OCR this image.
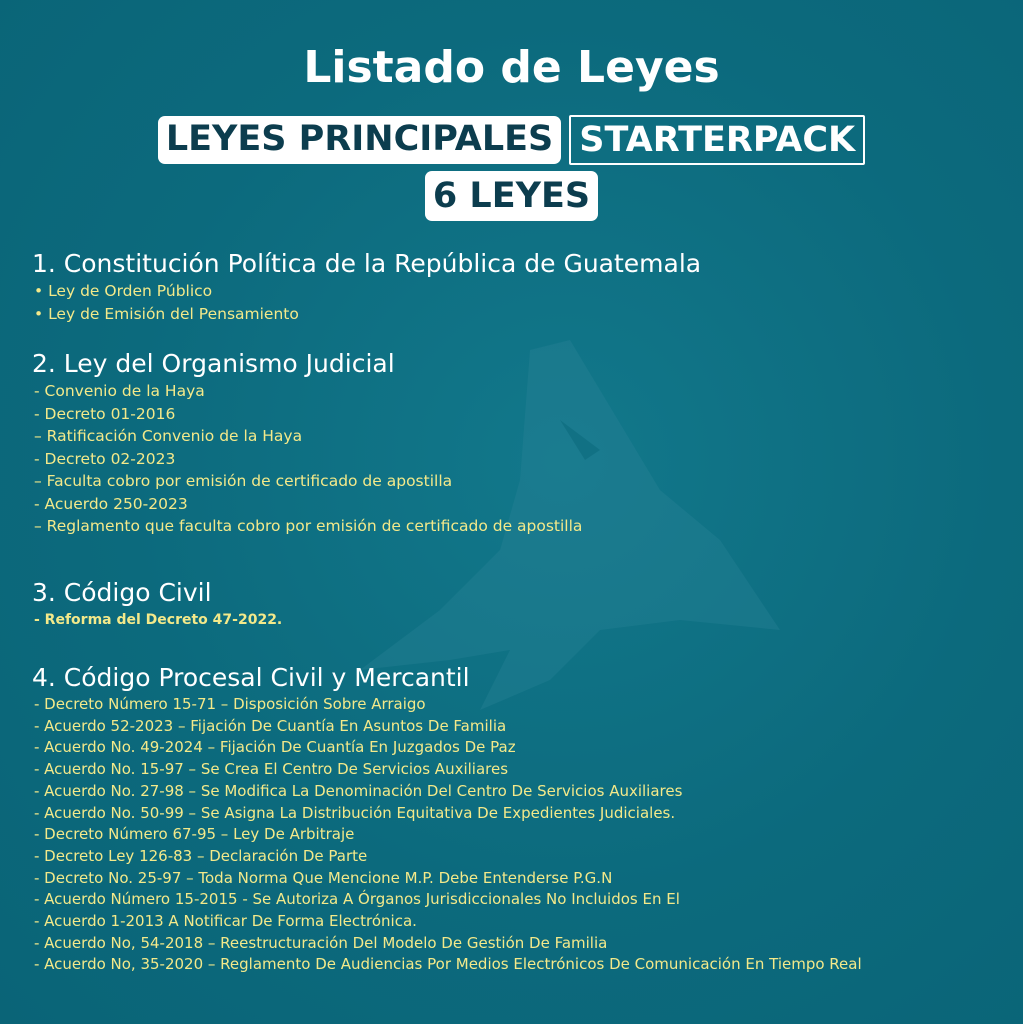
Listado de Leyes
LEYES PRINCIPALES STARTERPACK
6 LEYES
1. Constitución Política de la República de Guatemala
• Ley de Orden Público
• Ley de Emisión del Pensamiento
2. Ley del Organismo Judicial
- Convenio de la Haya
- Decreto 01-2016
– Ratificación Convenio de la Haya
- Decreto 02-2023
– Faculta cobro por emisión de certificado de apostilla
- Acuerdo 250-2023
– Reglamento que faculta cobro por emisión de certificado de apostilla
3. Código Civil
- Reforma del Decreto 47-2022.
4. Código Procesal Civil y Mercantil
- Decreto Número 15-71 – Disposición Sobre Arraigo
- Acuerdo 52-2023 – Fijación De Cuantía En Asuntos De Familia
- Acuerdo No. 49-2024 – Fijación De Cuantía En Juzgados De Paz
- Acuerdo No. 15-97 – Se Crea El Centro De Servicios Auxiliares
- Acuerdo No. 27-98 – Se Modifica La Denominación Del Centro De Servicios Auxiliares
- Acuerdo No. 50-99 – Se Asigna La Distribución Equitativa De Expedientes Judiciales.
- Decreto Número 67-95 – Ley De Arbitraje
- Decreto Ley 126-83 – Declaración De Parte
- Decreto No. 25-97 – Toda Norma Que Mencione M.P. Debe Entenderse P.G.N
- Acuerdo Número 15-2015 - Se Autoriza A Órganos Jurisdiccionales No Incluidos En El
- Acuerdo 1-2013 A Notificar De Forma Electrónica.
- Acuerdo No, 54-2018 – Reestructuración Del Modelo De Gestión De Familia
- Acuerdo No, 35-2020 – Reglamento De Audiencias Por Medios Electrónicos De Comunicación En Tiempo Real
